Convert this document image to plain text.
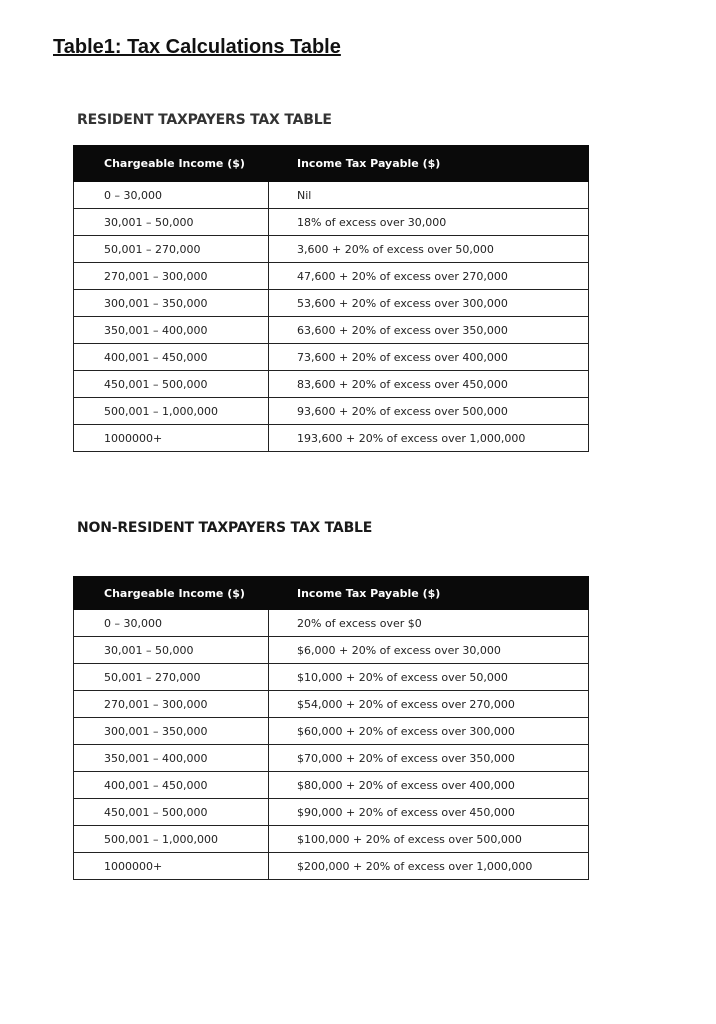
Table1: Tax Calculations Table
RESIDENT TAXPAYERS TAX TABLE
Chargeable Income ($)	Income Tax Payable ($)
0 – 30,000	Nil
30,001 – 50,000	18% of excess over 30,000
50,001 – 270,000	3,600 + 20% of excess over 50,000
270,001 – 300,000	47,600 + 20% of excess over 270,000
300,001 – 350,000	53,600 + 20% of excess over 300,000
350,001 – 400,000	63,600 + 20% of excess over 350,000
400,001 – 450,000	73,600 + 20% of excess over 400,000
450,001 – 500,000	83,600 + 20% of excess over 450,000
500,001 – 1,000,000	93,600 + 20% of excess over 500,000
1000000+	193,600 + 20% of excess over 1,000,000
NON-RESIDENT TAXPAYERS TAX TABLE
Chargeable Income ($)	Income Tax Payable ($)
0 – 30,000	20% of excess over $0
30,001 – 50,000	$6,000 + 20% of excess over 30,000
50,001 – 270,000	$10,000 + 20% of excess over 50,000
270,001 – 300,000	$54,000 + 20% of excess over 270,000
300,001 – 350,000	$60,000 + 20% of excess over 300,000
350,001 – 400,000	$70,000 + 20% of excess over 350,000
400,001 – 450,000	$80,000 + 20% of excess over 400,000
450,001 – 500,000	$90,000 + 20% of excess over 450,000
500,001 – 1,000,000	$100,000 + 20% of excess over 500,000
1000000+	$200,000 + 20% of excess over 1,000,000
